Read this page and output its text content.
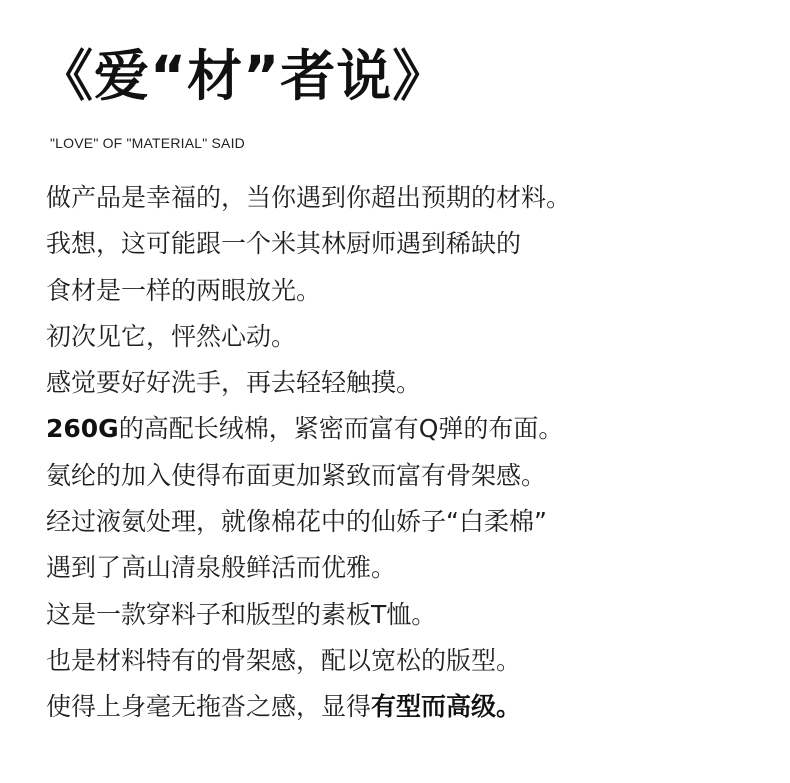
《爱“材”者说》
"LOVE" OF "MATERIAL" SAID
做产品是幸福的，当你遇到你超出预期的材料。
我想，这可能跟一个米其林厨师遇到稀缺的
食材是一样的两眼放光。
初次见它，怦然心动。
感觉要好好洗手，再去轻轻触摸。
260G的高配长绒棉，紧密而富有Q弹的布面。
氨纶的加入使得布面更加紧致而富有骨架感。
经过液氨处理，就像棉花中的仙娇子“白柔棉”
遇到了高山清泉般鲜活而优雅。
这是一款穿料子和版型的素板T恤。
也是材料特有的骨架感，配以宽松的版型。
使得上身毫无拖沓之感，显得有型而高级。
